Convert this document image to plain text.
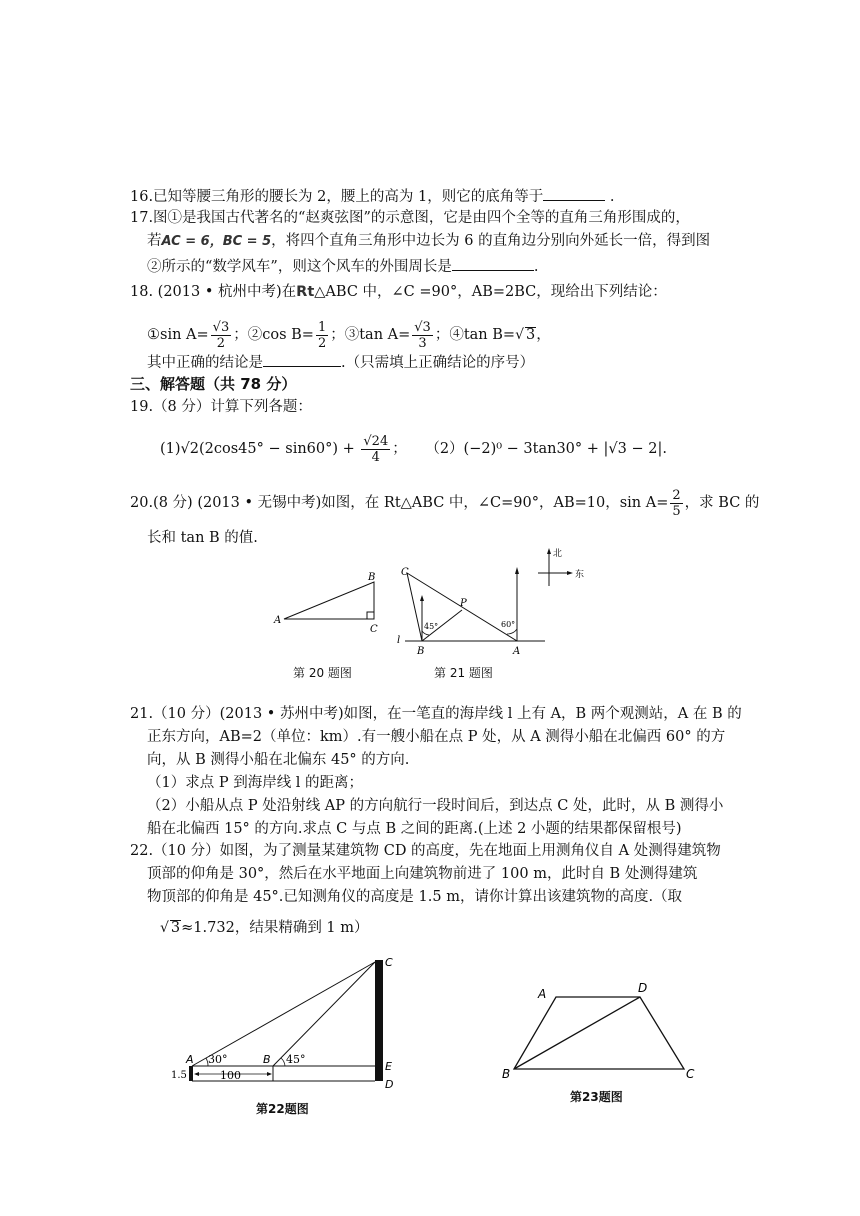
16.已知等腰三角形的腰长为 2，腰上的高为 1，则它的底角等于	.
17.图①是我国古代著名的“赵爽弦图”的示意图，它是由四个全等的直角三角形围成的，
若AC = 6，BC = 5，将四个直角三角形中边长为 6 的直角边分别向外延长一倍，得到图
②所示的“数学风车”，则这个风车的外围周长是	.
18. (2013 • 杭州中考)在Rt△ABC 中，∠C =90°，AB=2BC，现给出下列结论：
①sin $A= \frac{√3}{2}$ ；②cos $B= \frac{1}{2}$ ；③tan $A= \frac{√3}{3}$ ；④tan B=√ 3，
其中正确的结论是	.（只需填上正确结论的序号）
三、解答题（共 78 分）
19.（8 分）计算下列各题：
$(1)√2(2\cos 45^\circ - \sin 60^\circ) + \frac{√24}{4}$ ； （2）(−2)⁰ − 3tan30° + |√3 − 2|.
20.(8 分) (2013 • 无锡中考)如图，在 Rt△ABC 中，∠C=90°，AB=10，$\sin A= \frac{2}{5}$ ，求 BC 的
长和 tan B 的值.
A
B
C
第 20 题图
C
P
B	A
l
45°	60°
北
东
第 21 题图
21.（10 分）(2013 • 苏州中考)如图，在一笔直的海岸线 l 上有 A，B 两个观测站，A 在 B 的
正东方向，AB=2（单位：km）.有一艘小船在点 P 处，从 A 测得小船在北偏西 60° 的方
向，从 B 测得小船在北偏东 45° 的方向.
（1）求点 P 到海岸线 l 的距离；
（2）小船从点 P 处沿射线 AP 的方向航行一段时间后，到达点 C 处，此时，从 B 测得小
船在北偏西 15° 的方向.求点 C 与点 B 之间的距离.(上述 2 小题的结果都保留根号)
22.（10 分）如图，为了测量某建筑物 CD 的高度，先在地面上用测角仪自 A 处测得建筑物
顶部的仰角是 30°，然后在水平地面上向建筑物前进了 100 m，此时自 B 处测得建筑
物顶部的仰角是 45°.已知测角仪的高度是 1.5 m，请你计算出该建筑物的高度.（取
√ 3≈1.732，结果精确到 1 m）
C
A	B
E
D
30°	45°
100
1.5
第22题图
A	D
B	C
第23题图
